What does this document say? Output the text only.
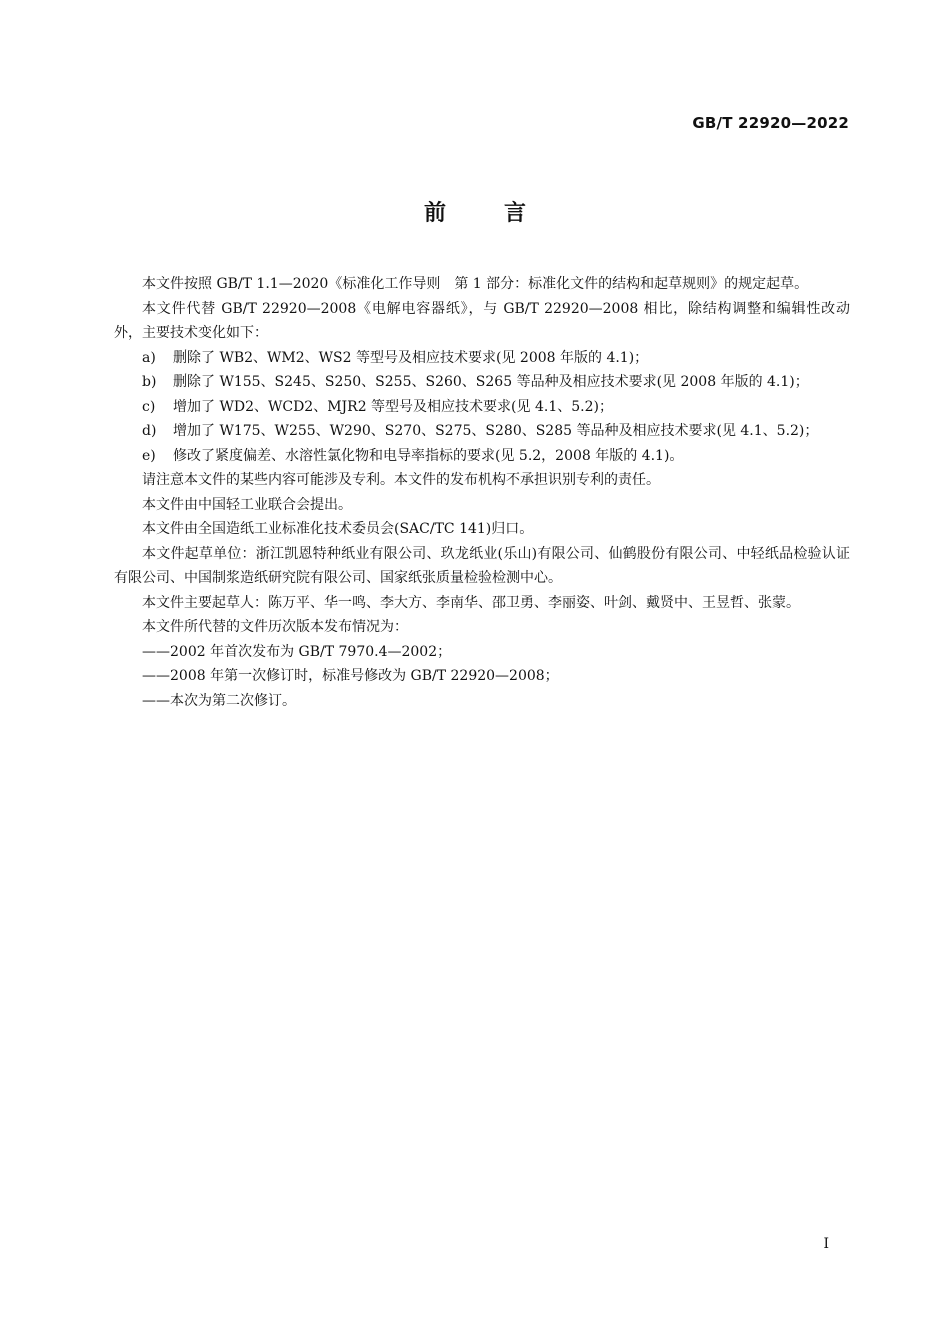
GB/T 22920—2022
前言

本文件按照 GB/T 1.1—2020《标准化工作导则　第 1 部分：标准化文件的结构和起草规则》的规定起草。

本文件代替 GB/T 22920—2008《电解电容器纸》，与 GB/T 22920—2008 相比，除结构调整和编辑性改动外，主要技术变化如下：

a)	删除了 WB2、WM2、WS2 等型号及相应技术要求(见 2008 年版的 4.1)；
b)	删除了 W155、S245、S250、S255、S260、S265 等品种及相应技术要求(见 2008 年版的 4.1)；
c)	增加了 WD2、WCD2、MJR2 等型号及相应技术要求(见 4.1、5.2)；
d)	增加了 W175、W255、W290、S270、S275、S280、S285 等品种及相应技术要求(见 4.1、5.2)；
e)	修改了紧度偏差、水溶性氯化物和电导率指标的要求(见 5.2，2008 年版的 4.1)。

请注意本文件的某些内容可能涉及专利。本文件的发布机构不承担识别专利的责任。

本文件由中国轻工业联合会提出。

本文件由全国造纸工业标准化技术委员会(SAC/TC 141)归口。

本文件起草单位：浙江凯恩特种纸业有限公司、玖龙纸业(乐山)有限公司、仙鹤股份有限公司、中轻纸品检验认证有限公司、中国制浆造纸研究院有限公司、国家纸张质量检验检测中心。

本文件主要起草人：陈万平、华一鸣、李大方、李南华、邵卫勇、李丽姿、叶剑、戴贤中、王昱哲、张蒙。

本文件所代替的文件历次版本发布情况为：

——2002 年首次发布为 GB/T 7970.4—2002；

——2008 年第一次修订时，标准号修改为 GB/T 22920—2008；

——本次为第二次修订。

I
